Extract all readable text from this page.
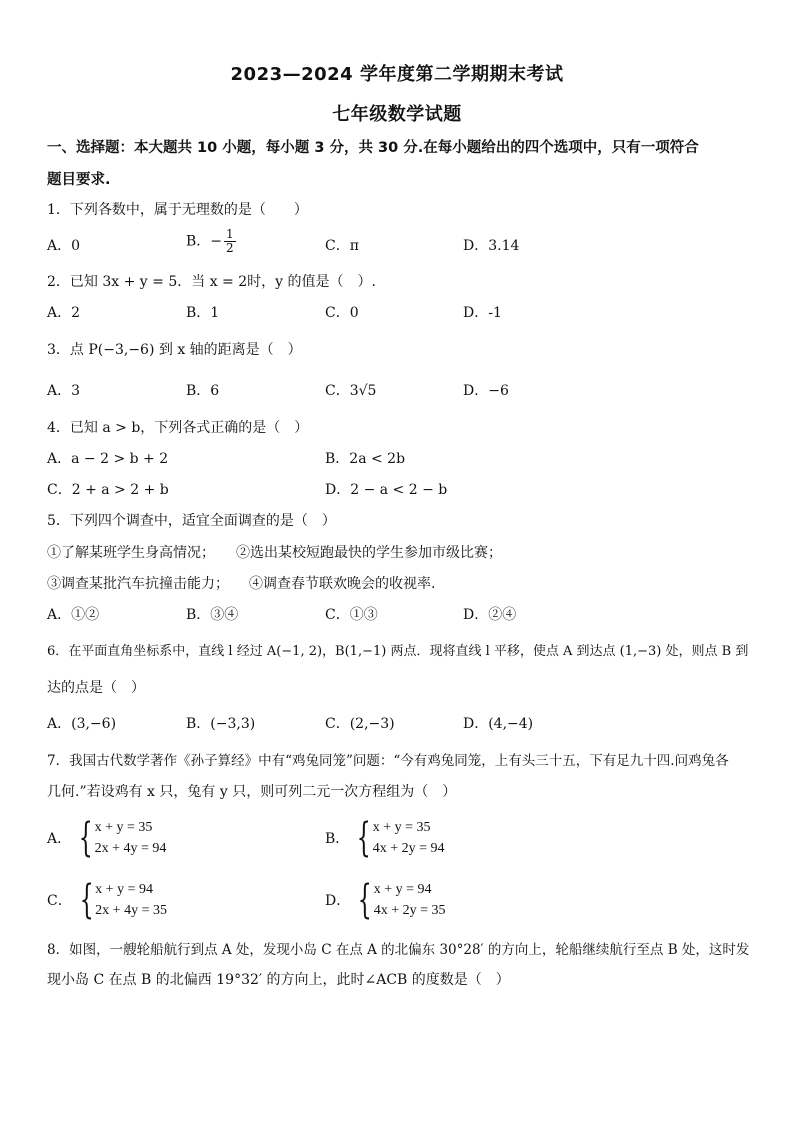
2023—2024 学年度第二学期期末考试
七年级数学试题
一、选择题：本大题共 10 小题，每小题 3 分，共 30 分.在每小题给出的四个选项中，只有一项符合
题目要求.
1．下列各数中，属于无理数的是（　　）
A．0	B．− $\frac{1}{2}$	C．π	D．3.14
2．已知 3x + y = 5．当 x = 2时，y 的值是（　）.
A．2	B．1	C．0	D．-1
3．点 P(−3,−6) 到 x 轴的距离是（　）
A．3	B．6	C．3√5	D．−6
4．已知 a > b，下列各式正确的是（　）
A．a − 2 > b + 2	B．2a < 2b
C．2 + a > 2 + b	D．2 − a < 2 − b
5．下列四个调查中，适宜全面调查的是（　）
①了解某班学生身高情况； ②选出某校短跑最快的学生参加市级比赛；
③调查某批汽车抗撞击能力； ④调查春节联欢晚会的收视率.
A．①②	B．③④	C．①③	D．②④
6．在平面直角坐标系中，直线 l 经过 A(−1, 2)，B(1,−1) 两点．现将直线 l 平移，使点 A 到达点 (1,−3) 处，则点 B 到
达的点是（　）
A．(3,−6)	B．(−3,3)	C．(2,−3)	D．(4,−4)
7．我国古代数学著作《孙子算经》中有“鸡兔同笼”问题：“今有鸡兔同笼，上有头三十五，下有足九十四.问鸡兔各
几何.”若设鸡有 x 只，兔有 y 只，则可列二元一次方程组为（　）
A． { x + y = 35
2x + 4y = 94
B． { x + y = 35
4x + 2y = 94
C． { x + y = 94
2x + 4y = 35
D． { x + y = 94
4x + 2y = 35
8．如图，一艘轮船航行到点 A 处，发现小岛 C 在点 A 的北偏东 30°28′ 的方向上，轮船继续航行至点 B 处，这时发
现小岛 C 在点 B 的北偏西 19°32′ 的方向上，此时∠ACB 的度数是（　）
